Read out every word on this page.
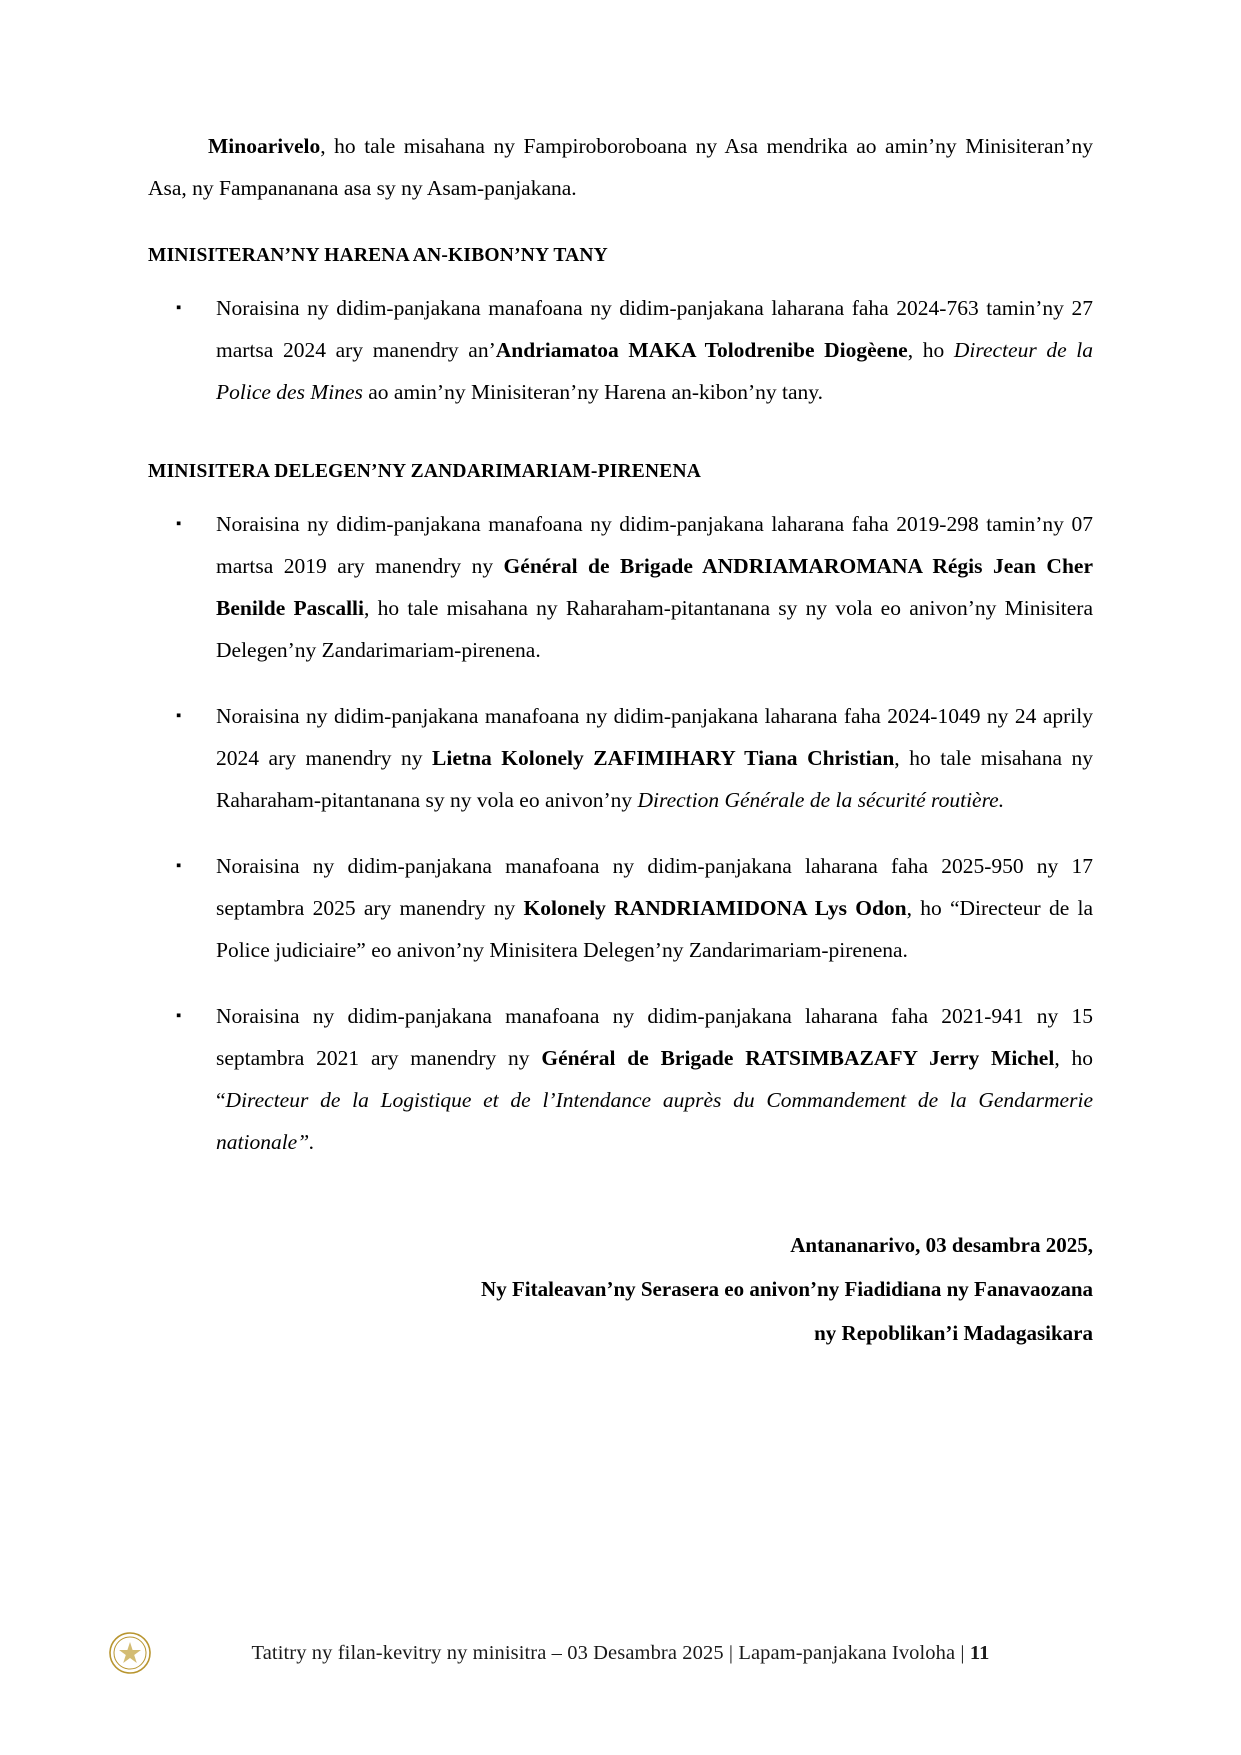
Minoarivelo, ho tale misahana ny Fampiroboroboana ny Asa mendrika ao amin’ny Minisiteran’ny Asa, ny Fampananana asa sy ny Asam-panjakana.

MINISITERAN’NY HARENA AN-KIBON’NY TANY
▪ Noraisina ny didim-panjakana manafoana ny didim-panjakana laharana faha 2024-763 tamin’ny 27 martsa 2024 ary manendry an’Andriamatoa MAKA Tolodrenibe Diogèene, ho Directeur de la Police des Mines ao amin’ny Minisiteran’ny Harena an-kibon’ny tany.
MINISITERA DELEGEN’NY ZANDARIMARIAM-PIRENENA
▪ Noraisina ny didim-panjakana manafoana ny didim-panjakana laharana faha 2019-298 tamin’ny 07 martsa 2019 ary manendry ny Général de Brigade ANDRIAMAROMANA Régis Jean Cher Benilde Pascalli, ho tale misahana ny Raharaham-pitantanana sy ny vola eo anivon’ny Minisitera Delegen’ny Zandarimariam-pirenena.
▪ Noraisina ny didim-panjakana manafoana ny didim-panjakana laharana faha 2024-1049 ny 24 aprily 2024 ary manendry ny Lietna Kolonely ZAFIMIHARY Tiana Christian, ho tale misahana ny Raharaham-pitantanana sy ny vola eo anivon’ny Direction Générale de la sécurité routière.
▪ Noraisina ny didim-panjakana manafoana ny didim-panjakana laharana faha 2025-950 ny 17 septambra 2025 ary manendry ny Kolonely RANDRIAMIDONA Lys Odon, ho “Directeur de la Police judiciaire” eo anivon’ny Minisitera Delegen’ny Zandarimariam-pirenena.
▪ Noraisina ny didim-panjakana manafoana ny didim-panjakana laharana faha 2021-941 ny 15 septambra 2021 ary manendry ny Général de Brigade RATSIMBAZAFY Jerry Michel, ho “Directeur de la Logistique et de l’Intendance auprès du Commandement de la Gendarmerie nationale”.
Antananarivo, 03 desambra 2025,
Ny Fitaleavan’ny Serasera eo anivon’ny Fiadidiana ny Fanavaozana
ny Repoblikan’i Madagasikara
Tatitry ny filan-kevitry ny minisitra – 03 Desambra 2025 | Lapam-panjakana Ivoloha | 11
